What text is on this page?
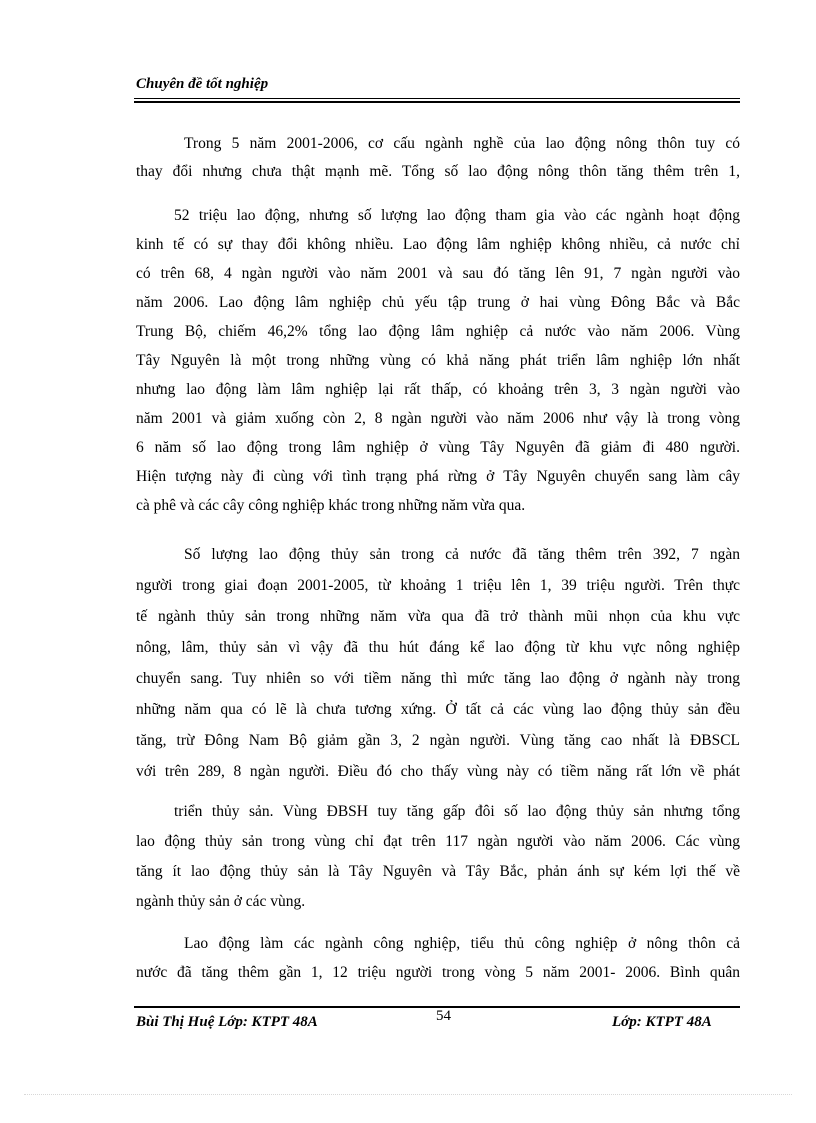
Chuyên đề tốt nghiệp
Trong 5 năm 2001-2006, cơ cấu ngành nghề của lao động nông thôn tuy có
thay đổi nhưng chưa thật mạnh mẽ. Tổng số lao động nông thôn tăng thêm trên 1,
52 triệu lao động, nhưng số lượng lao động tham gia vào các ngành hoạt động
kinh tế có sự thay đổi không nhiều. Lao động lâm nghiệp không nhiều, cả nước chỉ
có trên 68, 4 ngàn người vào năm 2001 và sau đó tăng lên 91, 7 ngàn người vào
năm 2006. Lao động lâm nghiệp chủ yếu tập trung ở hai vùng Đông Bắc và Bắc
Trung Bộ, chiếm 46,2% tổng lao động lâm nghiệp cả nước vào năm 2006. Vùng
Tây Nguyên là một trong những vùng có khả năng phát triển lâm nghiệp lớn nhất
nhưng lao động làm lâm nghiệp lại rất thấp, có khoảng trên 3, 3 ngàn người vào
năm 2001 và giảm xuống còn 2, 8 ngàn người vào năm 2006 như vậy là trong vòng
6 năm số lao động trong lâm nghiệp ở vùng Tây Nguyên đã giảm đi 480 người.
Hiện tượng này đi cùng với tình trạng phá rừng ở Tây Nguyên chuyển sang làm cây
cà phê và các cây công nghiệp khác trong những năm vừa qua.
Số lượng lao động thủy sản trong cả nước đã tăng thêm trên 392, 7 ngàn
người trong giai đoạn 2001-2005, từ khoảng 1 triệu lên 1, 39 triệu người. Trên thực
tế ngành thủy sản trong những năm vừa qua đã trở thành mũi nhọn của khu vực
nông, lâm, thủy sản vì vậy đã thu hút đáng kể lao động từ khu vực nông nghiệp
chuyển sang. Tuy nhiên so với tiềm năng thì mức tăng lao động ở ngành này trong
những năm qua có lẽ là chưa tương xứng. Ở tất cả các vùng lao động thủy sản đều
tăng, trừ Đông Nam Bộ giảm gần 3, 2 ngàn người. Vùng tăng cao nhất là ĐBSCL
với trên 289, 8 ngàn người. Điều đó cho thấy vùng này có tiềm năng rất lớn về phát
triển thủy sản. Vùng ĐBSH tuy tăng gấp đôi số lao động thủy sản nhưng tổng
lao động thủy sản trong vùng chỉ đạt trên 117 ngàn người vào năm 2006. Các vùng
tăng ít lao động thủy sản là Tây Nguyên và Tây Bắc, phản ánh sự kém lợi thế về
ngành thủy sản ở các vùng.
Lao động làm các ngành công nghiệp, tiểu thủ công nghiệp ở nông thôn cả
nước đã tăng thêm gần 1, 12 triệu người trong vòng 5 năm 2001- 2006. Bình quân
Bùi Thị Huệ Lớp: KTPT 48A	54	Lớp: KTPT 48A
